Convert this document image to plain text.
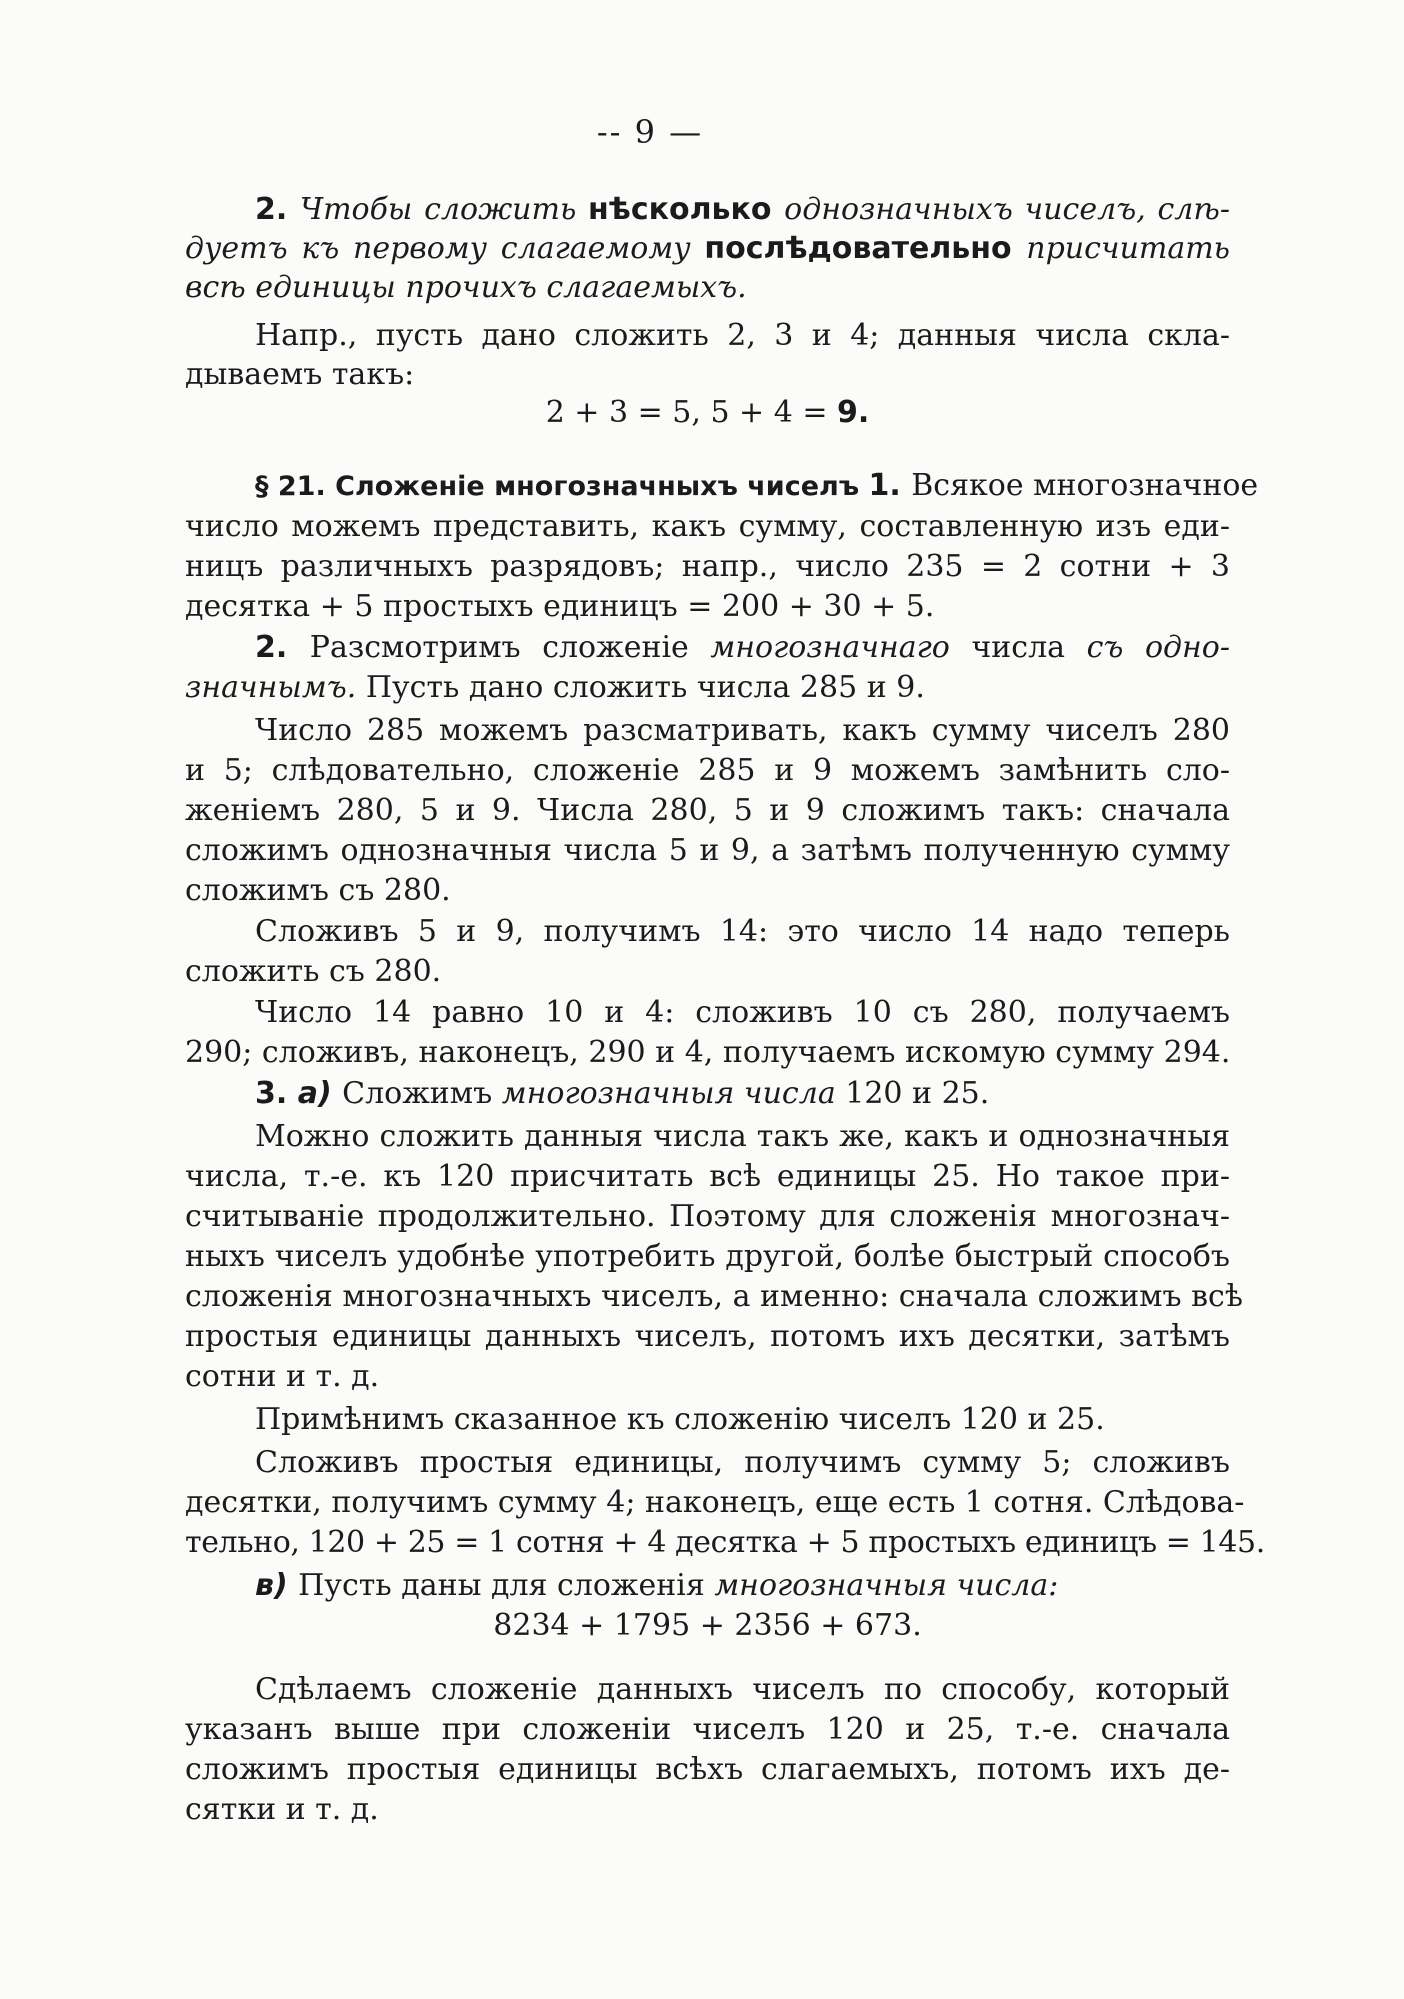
-- 9 —
2. Чтобы сложить нѣсколько однозначныхъ чиселъ, слѣ-
дуетъ къ первому слагаемому послѣдовательно присчитать
всѣ единицы прочихъ слагаемыхъ.
Напр., пусть дано сложить 2, 3 и 4; данныя числа скла-
дываемъ такъ:
2 + 3 = 5, 5 + 4 = 9.
§ 21. Сложеніе многозначныхъ чиселъ 1. Всякое многозначное
число можемъ представить, какъ сумму, составленную изъ еди-
ницъ различныхъ разрядовъ; напр., число 235 = 2 сотни + 3
десятка + 5 простыхъ единицъ = 200 + 30 + 5.
2. Разсмотримъ сложеніе многозначнаго числа съ одно-
значнымъ. Пусть дано сложить числа 285 и 9.
Число 285 можемъ разсматривать, какъ сумму чиселъ 280
и 5; слѣдовательно, сложеніе 285 и 9 можемъ замѣнить сло-
женіемъ 280, 5 и 9. Числа 280, 5 и 9 сложимъ такъ: сначала
сложимъ однозначныя числа 5 и 9, а затѣмъ полученную сумму
сложимъ съ 280.
Сложивъ 5 и 9, получимъ 14: это число 14 надо теперь
сложить съ 280.
Число 14 равно 10 и 4: сложивъ 10 съ 280, получаемъ
290; сложивъ, наконецъ, 290 и 4, получаемъ искомую сумму 294.
3. а) Сложимъ многозначныя числа 120 и 25.
Можно сложить данныя числа такъ же, какъ и однозначныя
числа, т.-е. къ 120 присчитать всѣ единицы 25. Но такое при-
считываніе продолжительно. Поэтому для сложенія многознач-
ныхъ чиселъ удобнѣе употребить другой, болѣе быстрый способъ
сложенія многозначныхъ чиселъ, а именно: сначала сложимъ всѣ
простыя единицы данныхъ чиселъ, потомъ ихъ десятки, затѣмъ
сотни и т. д.
Примѣнимъ сказанное къ сложенію чиселъ 120 и 25.
Сложивъ простыя единицы, получимъ сумму 5; сложивъ
десятки, получимъ сумму 4; наконецъ, еще есть 1 сотня. Слѣдова-
тельно, 120 + 25 = 1 сотня + 4 десятка + 5 простыхъ единицъ = 145.
в) Пусть даны для сложенія многозначныя числа:
8234 + 1795 + 2356 + 673.
Сдѣлаемъ сложеніе данныхъ чиселъ по способу, который
указанъ выше при сложеніи чиселъ 120 и 25, т.-е. сначала
сложимъ простыя единицы всѣхъ слагаемыхъ, потомъ ихъ де-
сятки и т. д.
